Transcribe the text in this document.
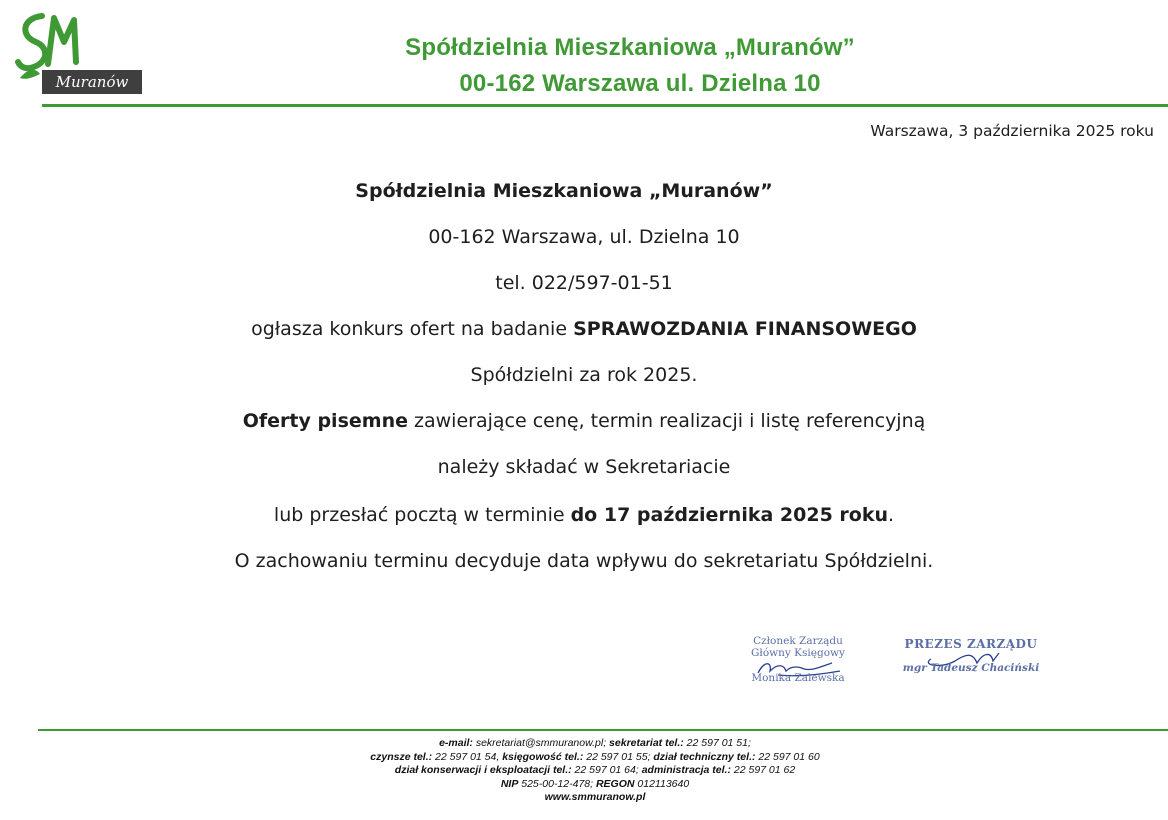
Muranów
Spółdzielnia Mieszkaniowa „Muranów”
00-162 Warszawa ul. Dzielna 10
Warszawa, 3 października 2025 roku
Spółdzielnia Mieszkaniowa „Muranów”
00-162 Warszawa, ul. Dzielna 10
tel. 022/597-01-51
ogłasza konkurs ofert na badanie SPRAWOZDANIA FINANSOWEGO
Spółdzielni za rok 2025.
Oferty pisemne zawierające cenę, termin realizacji i listę referencyjną
należy składać w Sekretariacie
lub przesłać pocztą w terminie do 17 października 2025 roku.
O zachowaniu terminu decyduje data wpływu do sekretariatu Spółdzielni.
Członek Zarządu
Główny Księgowy
Monika Zalewska
PREZES ZARZĄDU
mgr Tadeusz Chaciński
e-mail: sekretariat@smmuranow.pl; sekretariat tel.: 22 597 01 51;
czynsze tel.: 22 597 01 54, księgowość tel.: 22 597 01 55; dział techniczny tel.: 22 597 01 60
dział konserwacji i eksploatacji tel.: 22 597 01 64; administracja tel.: 22 597 01 62
NIP 525-00-12-478; REGON 012113640
www.smmuranow.pl
